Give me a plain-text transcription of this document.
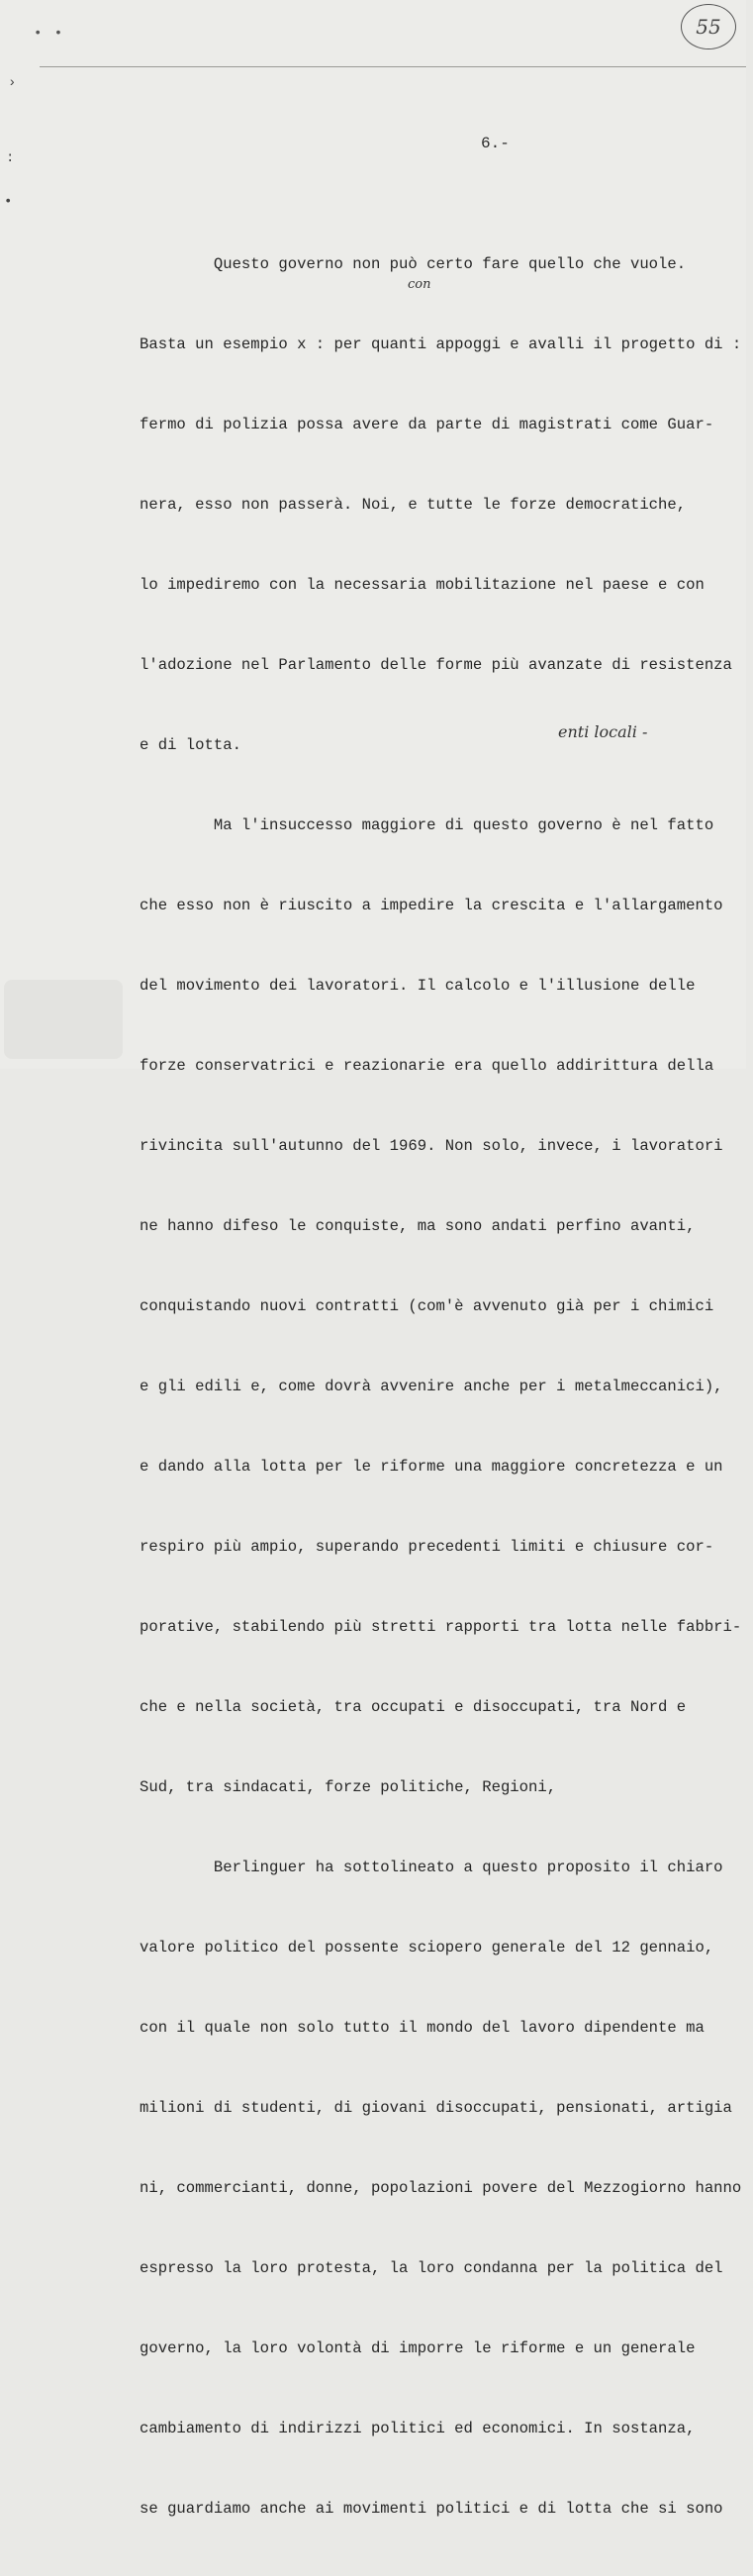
• •
›
:
•
55
6.-

Questo governo non può certo fare quello che vuole.

Basta un esempio x : per quanti appoggi e avalli il progetto di :

fermo di polizia possa avere da parte di magistrati come Guar-

nera, esso non passerà. Noi, e tutte le forze democratiche,

lo impediremo con la necessaria mobilitazione nel paese e con

l'adozione nel Parlamento delle forme più avanzate di resistenza

e di lotta.

Ma l'insuccesso maggiore di questo governo è nel fatto

che esso non è riuscito a impedire la crescita e l'allargamento

del movimento dei lavoratori. Il calcolo e l'illusione delle

forze conservatrici e reazionarie era quello addirittura della

rivincita sull'autunno del 1969. Non solo, invece, i lavoratori

ne hanno difeso le conquiste, ma sono andati perfino avanti,

conquistando nuovi contratti (com'è avvenuto già per i chimici

e gli edili e, come dovrà avvenire anche per i metalmeccanici),

e dando alla lotta per le riforme una maggiore concretezza e un

respiro più ampio, superando precedenti limiti e chiusure cor-

porative, stabilendo più stretti rapporti tra lotta nelle fabbri-

che e nella società, tra occupati e disoccupati, tra Nord e

Sud, tra sindacati, forze politiche, Regioni,

Berlinguer ha sottolineato a questo proposito il chiaro

valore politico del possente sciopero generale del 12 gennaio,

con il quale non solo tutto il mondo del lavoro dipendente ma

milioni di studenti, di giovani disoccupati, pensionati, artigia

ni, commercianti, donne, popolazioni povere del Mezzogiorno hanno

espresso la loro protesta, la loro condanna per la politica del

governo, la loro volontà di imporre le riforme e un generale

cambiamento di indirizzi politici ed economici. In sostanza,

se guardiamo anche ai movimenti politici e di lotta che si sono

con
enti locali -
